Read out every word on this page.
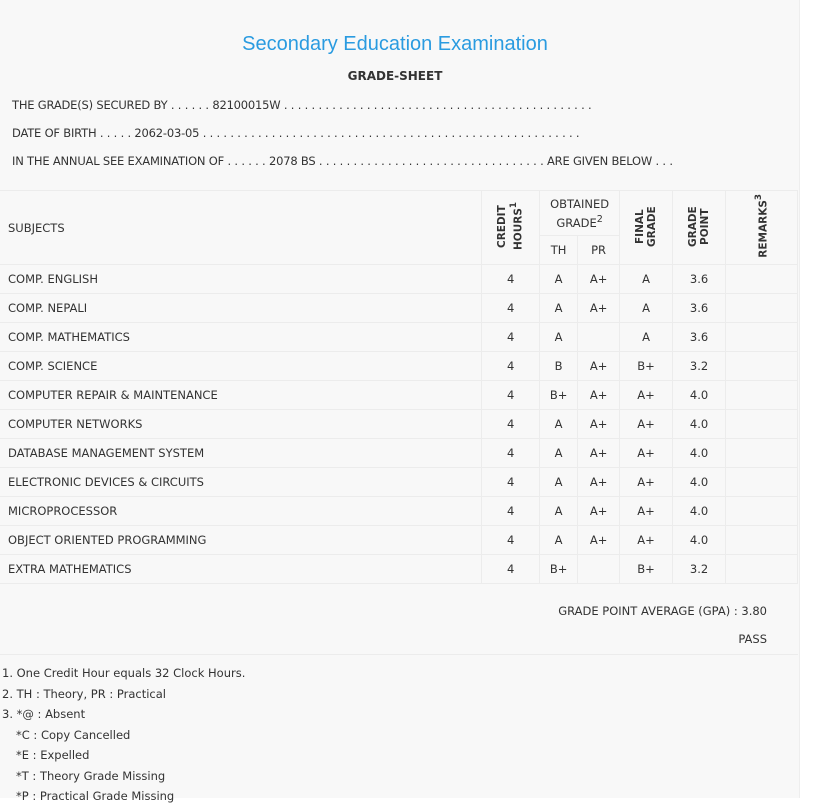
Secondary Education Examination
GRADE-SHEET
THE GRADE(S) SECURED BY . . . . . . 82100015W . . . . . . . . . . . . . . . . . . . . . . . . . . . . . . . . . . . . . . . . . . . . .
DATE OF BIRTH . . . . . 2062-03-05 . . . . . . . . . . . . . . . . . . . . . . . . . . . . . . . . . . . . . . . . . . . . . . . . . . . . . . .
IN THE ANNUAL SEE EXAMINATION OF . . . . . . 2078 BS . . . . . . . . . . . . . . . . . . . . . . . . . . . . . . . . . ARE GIVEN BELOW . . .
SUBJECTS	CREDIT HOURS$^1$	OBTAINED GRADE$^2$		FINAL GRADE	GRADE POINT	REMARKS$^3$
		TH	PR			
COMP. ENGLISH	4	A	A+	A	3.6	
COMP. NEPALI	4	A	A+	A	3.6	
COMP. MATHEMATICS	4	A		A	3.6	
COMP. SCIENCE	4	B	A+	B+	3.2	
COMPUTER REPAIR & MAINTENANCE	4	B+	A+	A+	4.0	
COMPUTER NETWORKS	4	A	A+	A+	4.0	
DATABASE MANAGEMENT SYSTEM	4	A	A+	A+	4.0	
ELECTRONIC DEVICES & CIRCUITS	4	A	A+	A+	4.0	
MICROPROCESSOR	4	A	A+	A+	4.0	
OBJECT ORIENTED PROGRAMMING	4	A	A+	A+	4.0	
EXTRA MATHEMATICS	4	B+		B+	3.2	
GRADE POINT AVERAGE (GPA) : 3.80
PASS
1. One Credit Hour equals 32 Clock Hours.
2. TH : Theory, PR : Practical
3. *@ : Absent
*C : Copy Cancelled
*E : Expelled
*T : Theory Grade Missing
*P : Practical Grade Missing
